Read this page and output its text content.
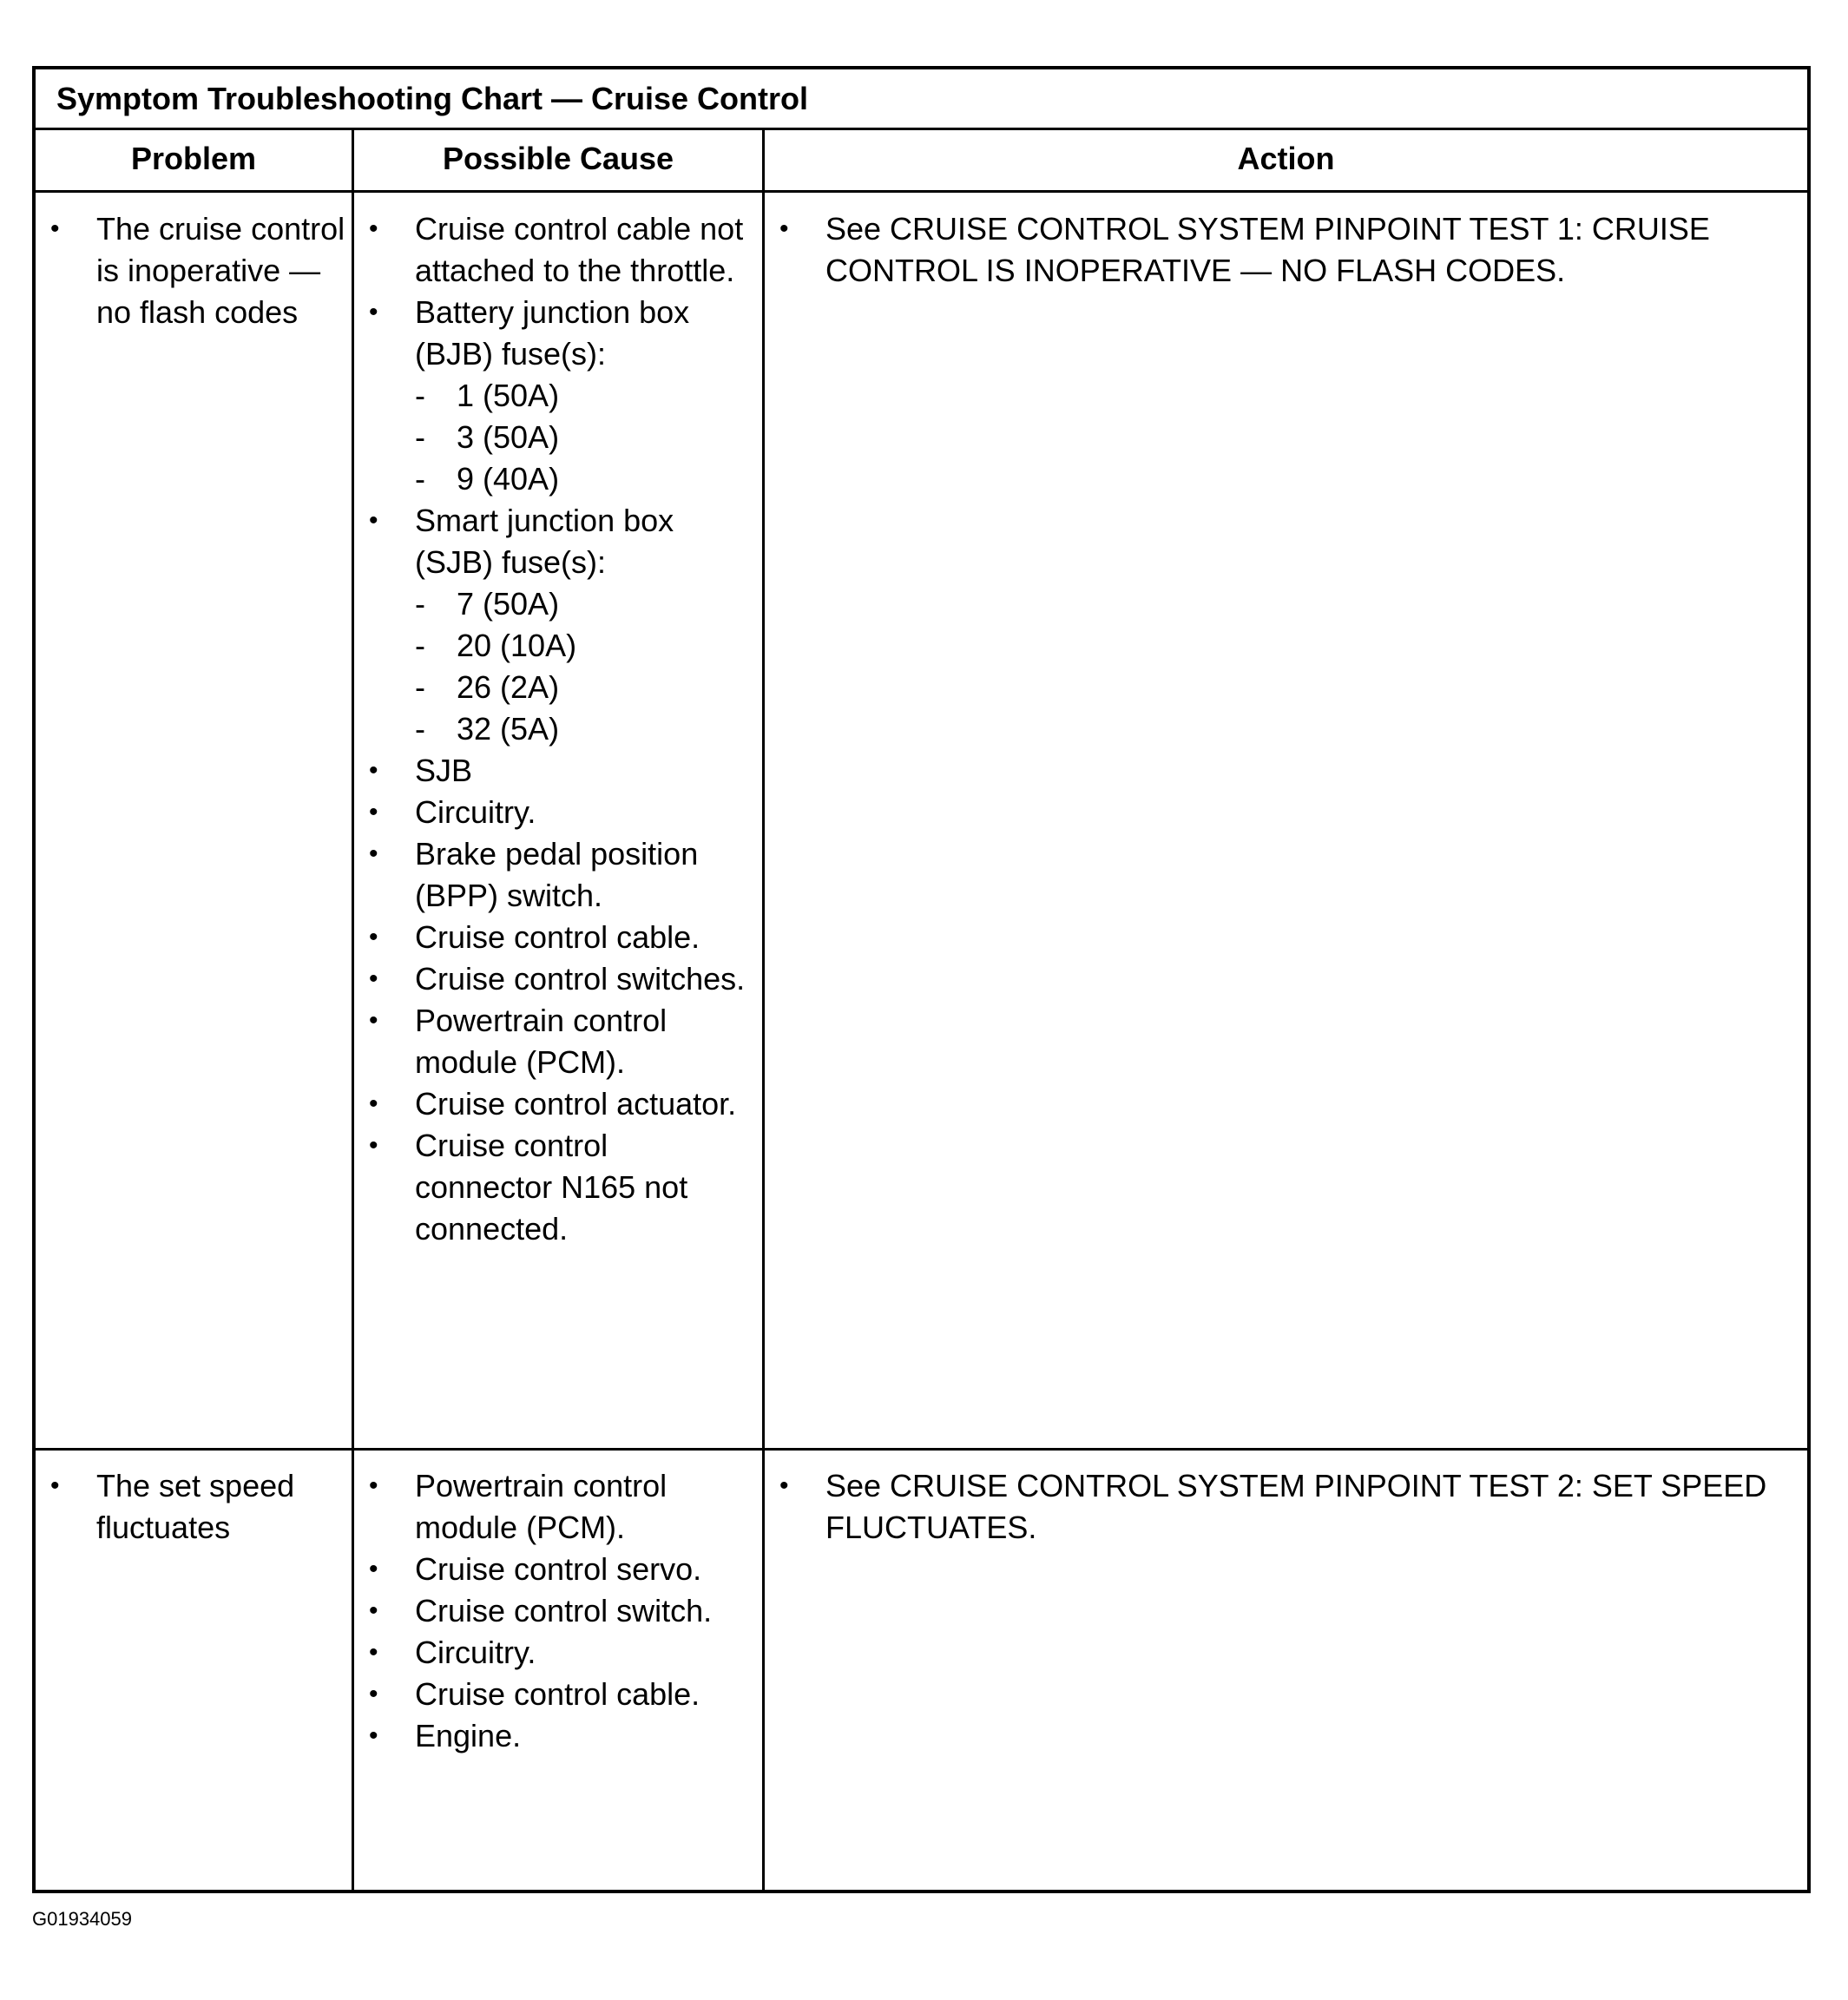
Symptom Troubleshooting Chart — Cruise Control
Problem	Possible Cause	Action
• The cruise control is inoperative — no flash codes
• Cruise control cable not attached to the throttle.
• Battery junction box (BJB) fuse(s):
- 1 (50A)
- 3 (50A)
- 9 (40A)
• Smart junction box (SJB) fuse(s):
- 7 (50A)
- 20 (10A)
- 26 (2A)
- 32 (5A)
• SJB
• Circuitry.
• Brake pedal position (BPP) switch.
• Cruise control cable.
• Cruise control switches.
• Powertrain control module (PCM).
• Cruise control actuator.
• Cruise control connector N165 not connected.
• See CRUISE CONTROL SYSTEM PINPOINT TEST 1: CRUISE CONTROL IS INOPERATIVE — NO FLASH CODES.
• The set speed fluctuates
• Powertrain control module (PCM).
• Cruise control servo.
• Cruise control switch.
• Circuitry.
• Cruise control cable.
• Engine.
• See CRUISE CONTROL SYSTEM PINPOINT TEST 2: SET SPEED FLUCTUATES.
G01934059
